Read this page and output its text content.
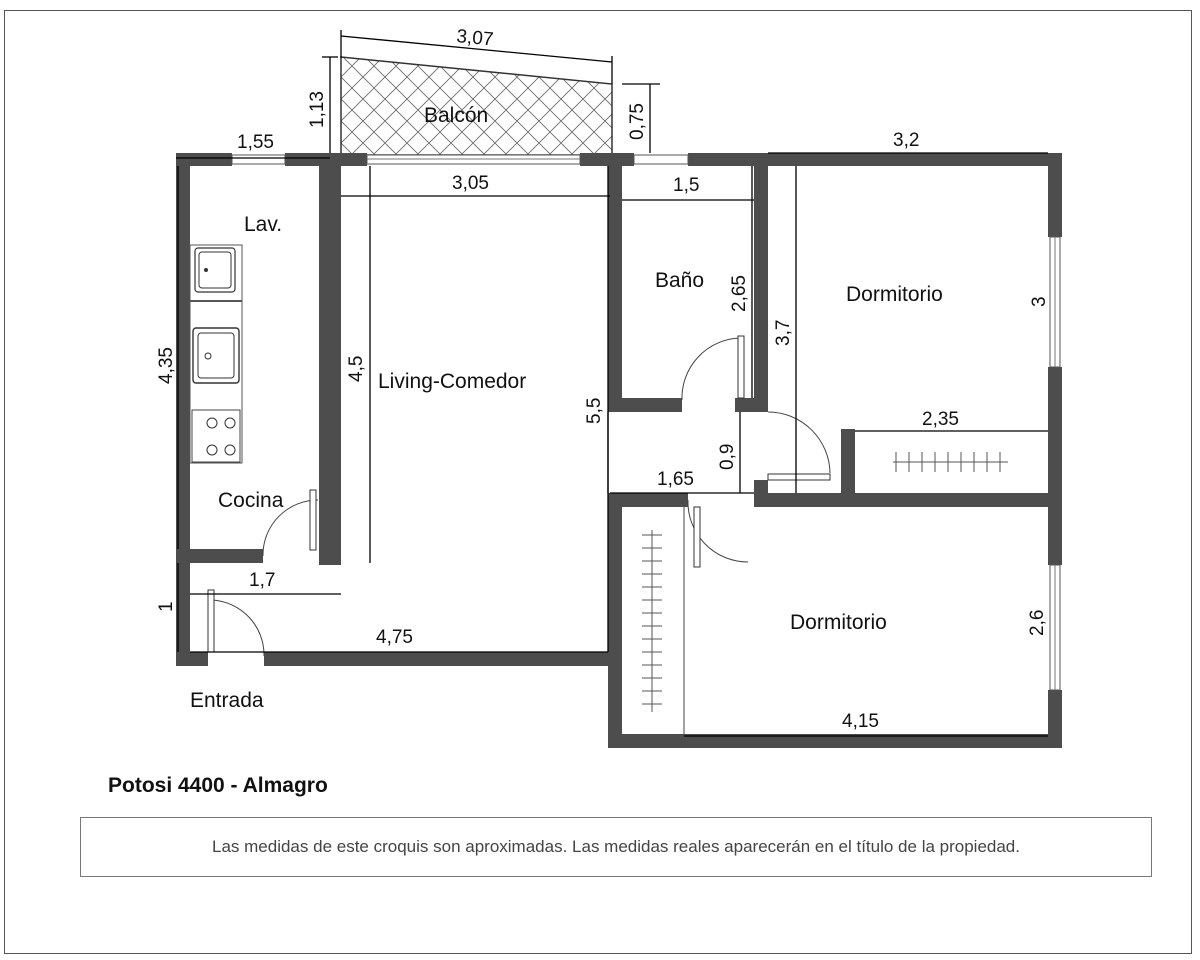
Balcón
Lav.
Cocina
Living-Comedor
Baño
Dormitorio
Dormitorio
Entrada
3,07
1,13	0,75
1,55	3,2
3,05	1,5
4,35	4,5
2,65
3,7
3
2,35
5,5
0,9
1,65
1,7
1
4,75
4,15
2,6
Potosi 4400 - Almagro
Las medidas de este croquis son aproximadas. Las medidas reales aparecerán en el título de la propiedad.
